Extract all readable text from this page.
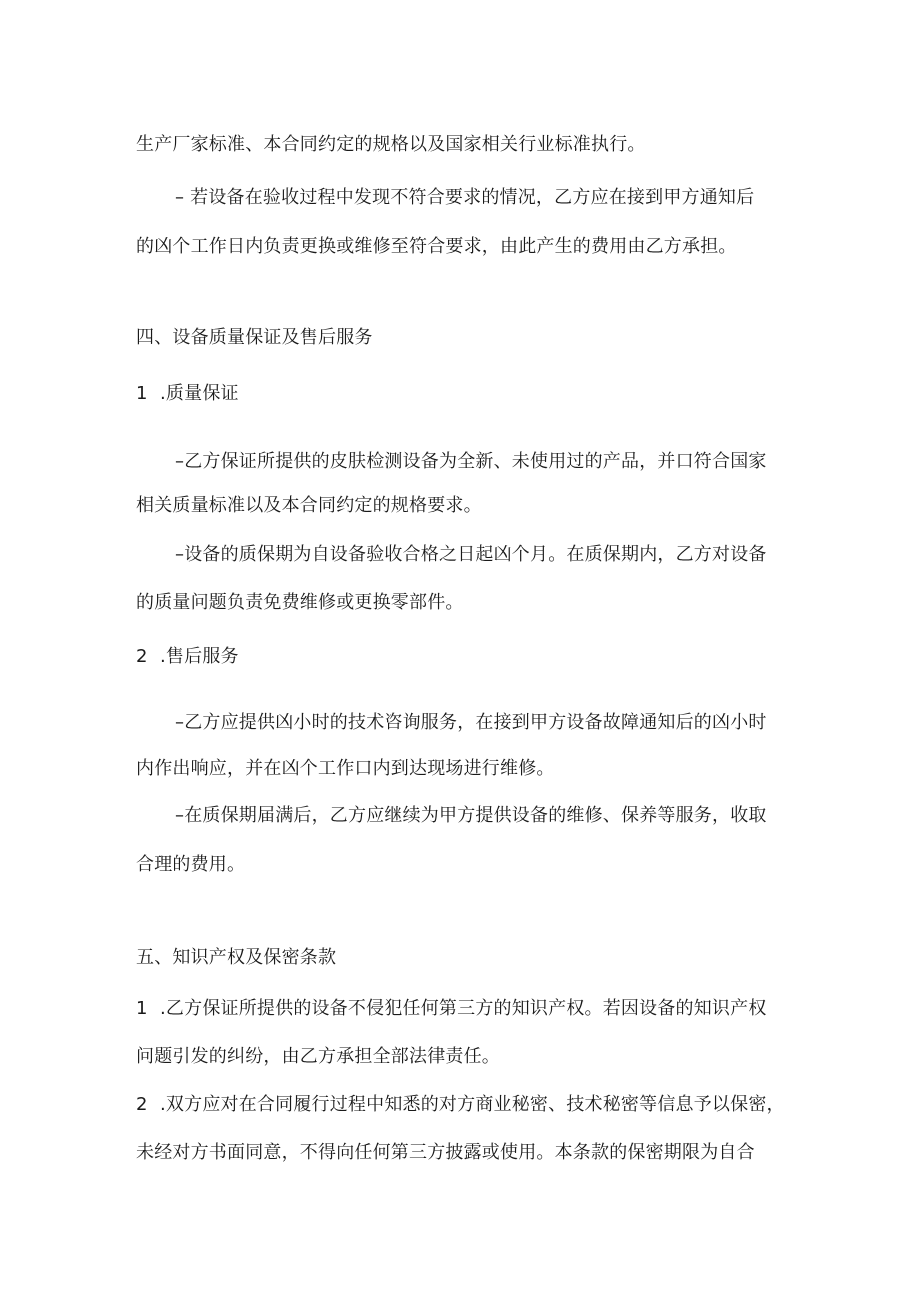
生产厂家标准、本合同约定的规格以及国家相关行业标准执行。
– 若设备在验收过程中发现不符合要求的情况，乙方应在接到甲方通知后
的凶个工作日内负责更换或维修至符合要求，由此产生的费用由乙方承担。
四、设备质量保证及售后服务
1 .质量保证
–乙方保证所提供的皮肤检测设备为全新、未使用过的产品，并口符合国家
相关质量标准以及本合同约定的规格要求。
–设备的质保期为自设备验收合格之日起凶个月。在质保期内，乙方对设备
的质量问题负责免费维修或更换零部件。
2 .售后服务
–乙方应提供凶小时的技术咨询服务，在接到甲方设备故障通知后的凶小时
内作出响应，并在凶个工作口内到达现场进行维修。
–在质保期届满后，乙方应继续为甲方提供设备的维修、保养等服务，收取
合理的费用。
五、知识产权及保密条款
1 .乙方保证所提供的设备不侵犯任何第三方的知识产权。若因设备的知识产权
问题引发的纠纷，由乙方承担全部法律责任。
2 .双方应对在合同履行过程中知悉的对方商业秘密、技术秘密等信息予以保密，
未经对方书面同意，不得向任何第三方披露或使用。本条款的保密期限为自合
